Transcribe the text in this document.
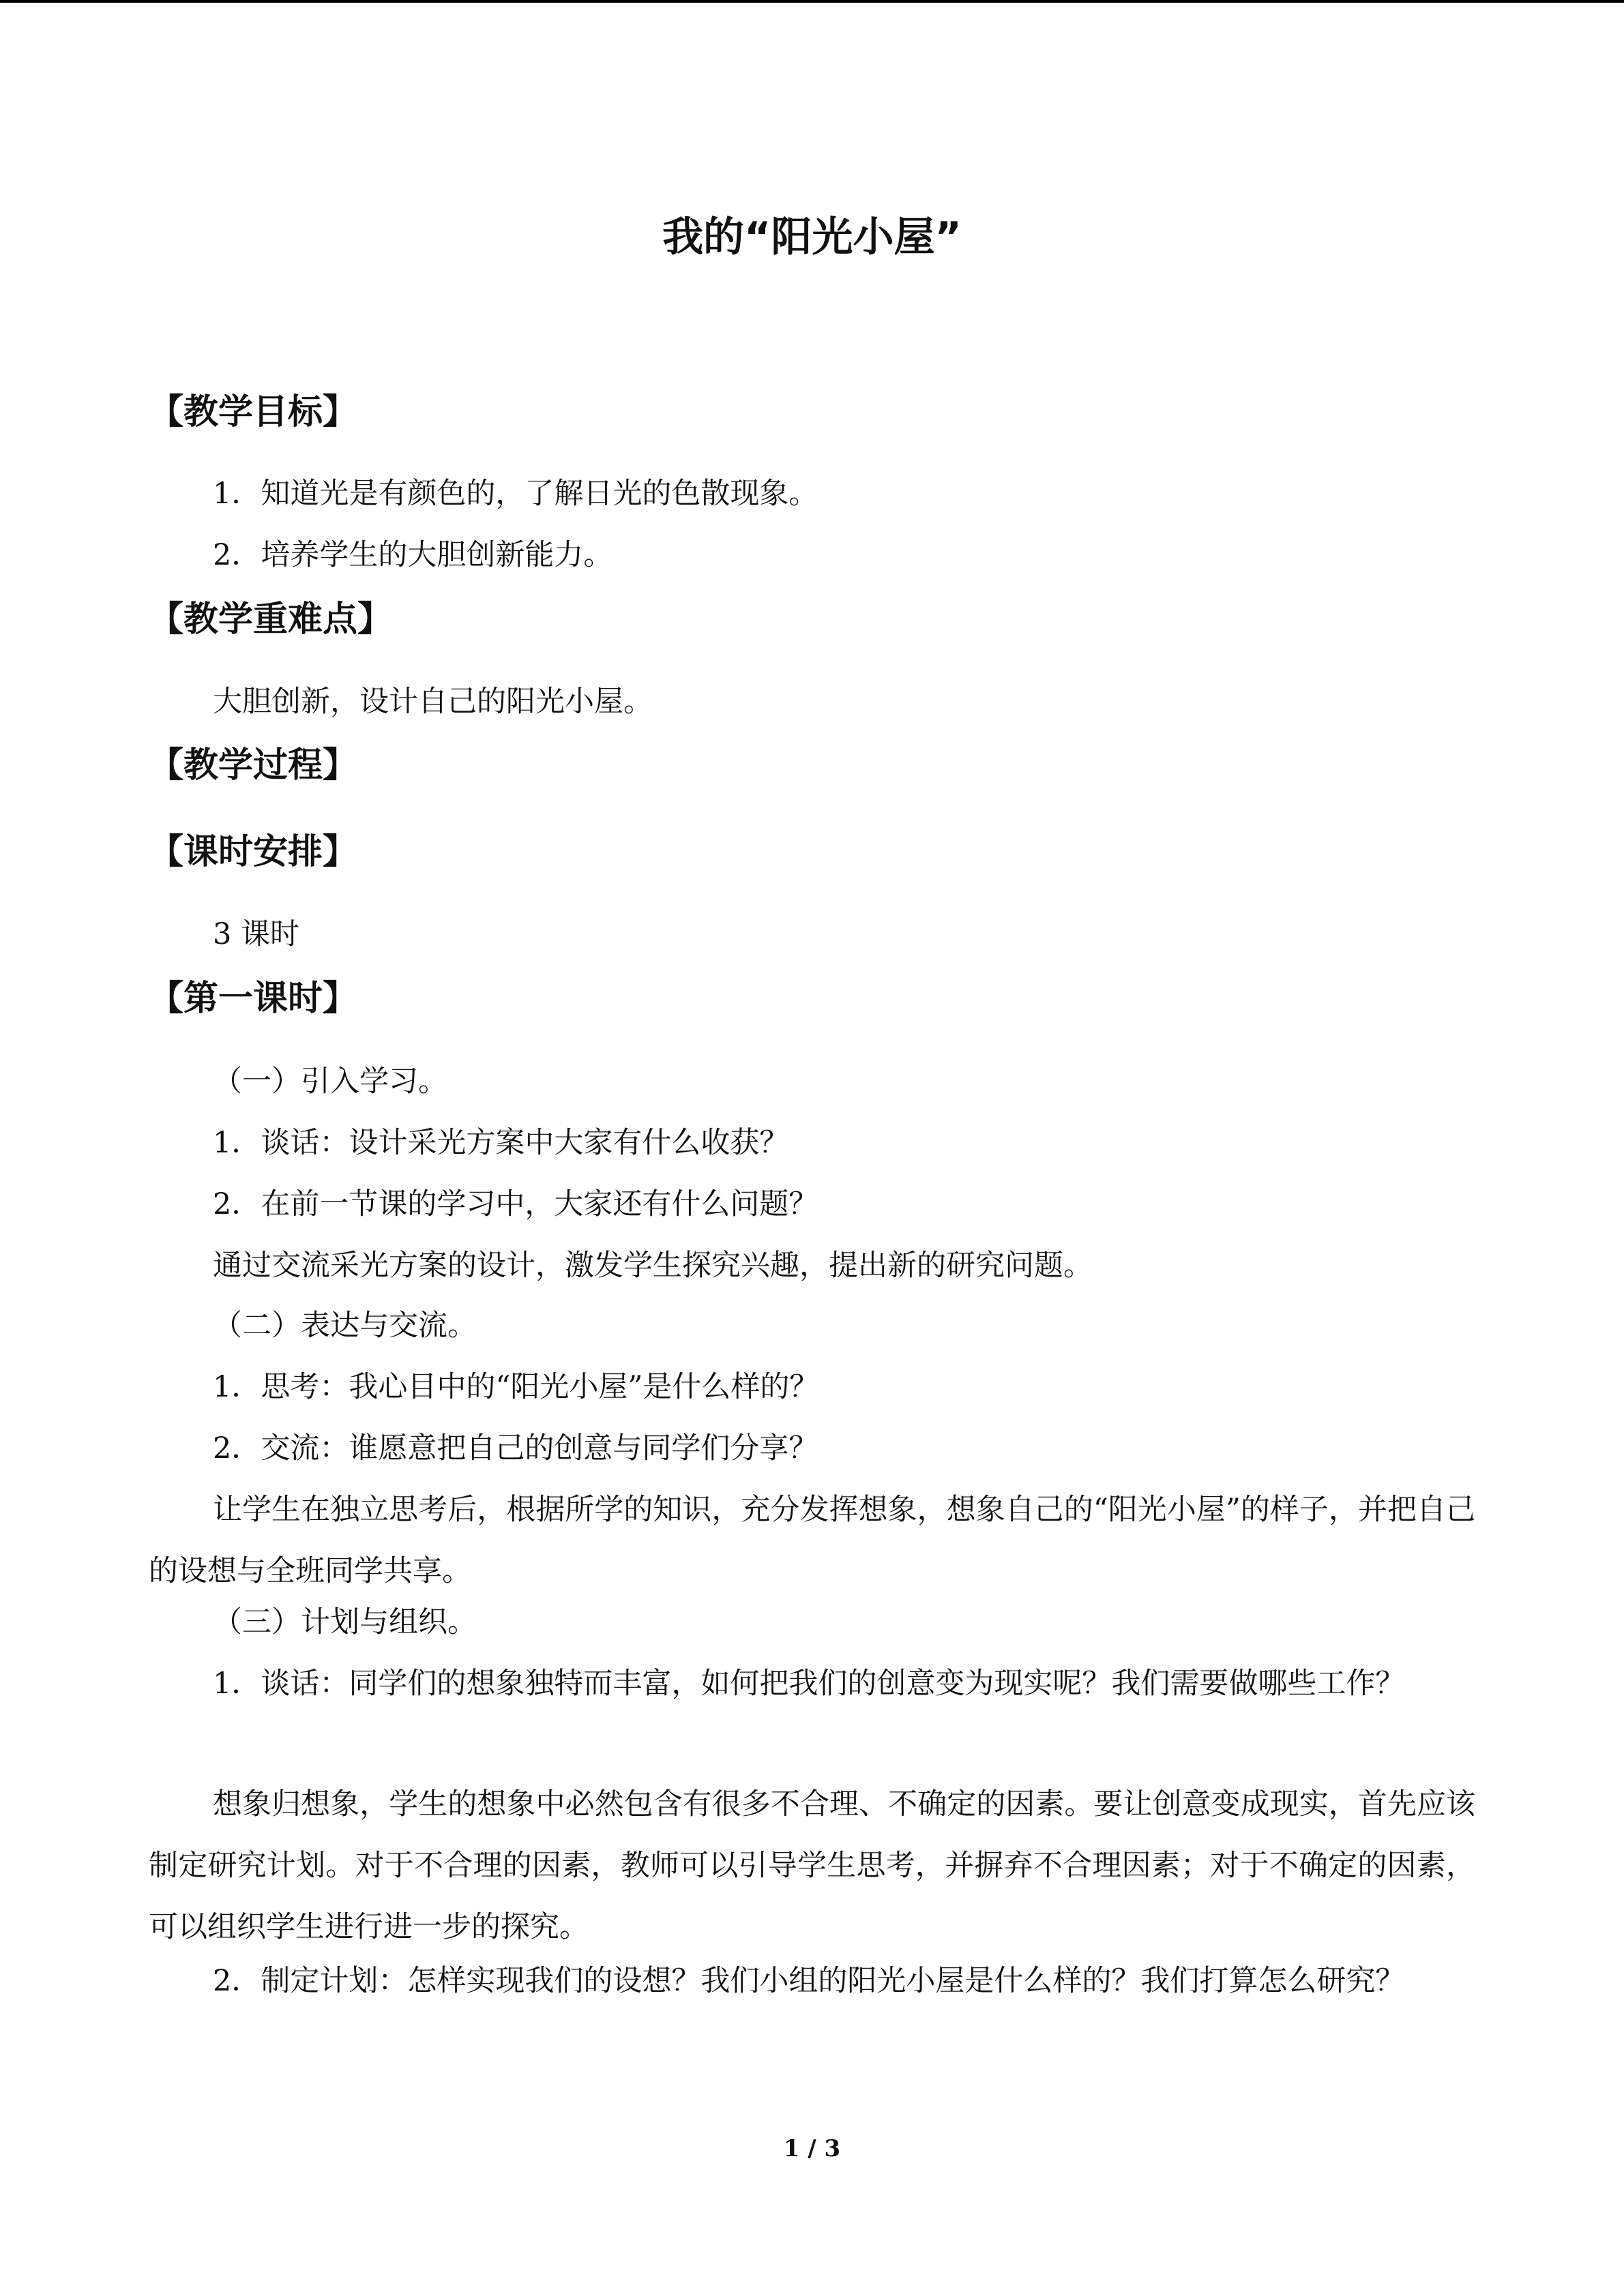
我的“阳光小屋”
【教学目标】
1．知道光是有颜色的，了解日光的色散现象。
2．培养学生的大胆创新能力。
【教学重难点】
大胆创新，设计自己的阳光小屋。
【教学过程】
【课时安排】
3 课时
【第一课时】
（一）引入学习。
1．谈话：设计采光方案中大家有什么收获？
2．在前一节课的学习中，大家还有什么问题？
通过交流采光方案的设计，激发学生探究兴趣，提出新的研究问题。
（二）表达与交流。
1．思考：我心目中的“阳光小屋”是什么样的？
2．交流：谁愿意把自己的创意与同学们分享？

让学生在独立思考后，根据所学的知识，充分发挥想象，想象自己的“阳光小屋”的样子，并把自己的设想与全班同学共享。

（三）计划与组织。

1．谈话：同学们的想象独特而丰富，如何把我们的创意变为现实呢？我们需要做哪些工作？

想象归想象，学生的想象中必然包含有很多不合理、不确定的因素。要让创意变成现实，首先应该制定研究计划。对于不合理的因素，教师可以引导学生思考，并摒弃不合理因素；对于不确定的因素，可以组织学生进行进一步的探究。

2．制定计划：怎样实现我们的设想？我们小组的阳光小屋是什么样的？我们打算怎么研究？

1 / 3
